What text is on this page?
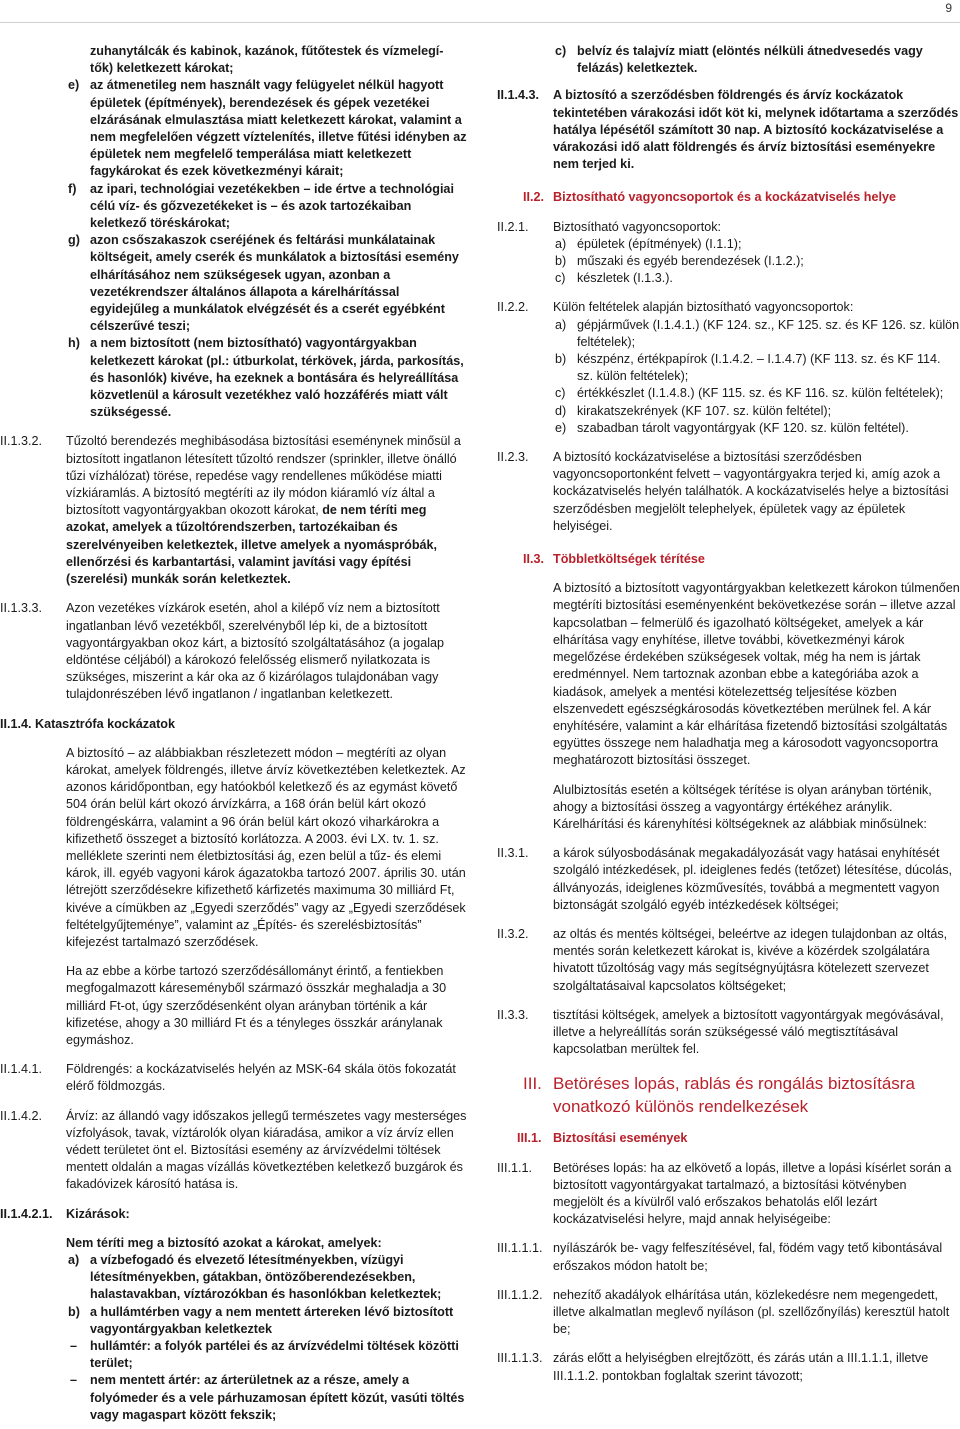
9

zuhanytálcák és kabinok, kazánok, fűtőtestek és vízmelegí-

tők) keletkezett károkat;

e) az átmenetileg nem használt vagy felügyelet nélkül hagyott épületek (építmények), berendezések és gépek vezetékei elzárásának elmulasztása miatt keletkezett károkat, valamint a nem megfelelően végzett víztelenítés, illetve fűtési idényben az épületek nem megfelelő temperálása miatt keletkezett fagykárokat és ezek következményi kárait;
f) az ipari, technológiai vezetékekben – ide értve a technológiai célú víz- és gőzvezetékeket is – és azok tartozékaiban keletkező töréskárokat;
g) azon csőszakaszok cseréjének és feltárási munkálatainak költségeit, amely cserék és munkálatok a biztosítási esemény elhárításához nem szükségesek ugyan, azonban a vezetékrendszer általános állapota a kárelhárítással egyidejűleg a munkálatok elvégzését és a cserét egyébként célszerűvé teszi;
h) a nem biztosított (nem biztosítható) vagyontárgyakban keletkezett károkat (pl.: útburkolat, térkövek, járda, parkosítás, és hasonlók) kivéve, ha ezeknek a bontására és helyreállítása közvetlenül a károsult vezetékhez való hozzáférés miatt vált szükségessé.
II.1.3.2. Tűzoltó berendezés meghibásodása biztosítási eseménynek minősül a biztosított ingatlanon létesített tűzoltó rendszer (sprinkler, illetve önálló tűzi vízhálózat) törése, repedése vagy rendellenes működése miatti vízkiáramlás. A biztosító megtéríti az ily módon kiáramló víz által a biztosított vagyontárgyakban okozott károkat, de nem téríti meg azokat, amelyek a tűzoltórendszerben, tartozékaiban és szerelvényeiben keletkeztek, illetve amelyek a nyomáspróbák, ellenőrzési és karbantartási, valamint javítási vagy építési (szerelési) munkák során keletkeztek.

II.1.3.3. Azon vezetékes vízkárok esetén, ahol a kilépő víz nem a biztosított ingatlanban lévő vezetékből, szerelvényből lép ki, de a biztosított vagyontárgyakban okoz kárt, a biztosító szolgáltatásához (a jogalap eldöntése céljából) a károkozó felelősség elismerő nyilatkozata is szükséges, miszerint a kár oka az ő kizárólagos tulajdonában vagy tulajdonrészében lévő ingatlanon / ingatlanban keletkezett.

II.1.4. Katasztrófa kockázatok

A biztosító – az alábbiakban részletezett módon – megtéríti az olyan károkat, amelyek földrengés, illetve árvíz következtében keletkeztek. Az azonos káridőpontban, egy hatóokból keletkező és az egymást követő 504 órán belül kárt okozó árvízkárra, a 168 órán belül kárt okozó földrengéskárra, valamint a 96 órán belül kárt okozó viharkárokra a kifizethető összeget a biztosító korlátozza. A 2003. évi LX. tv. 1. sz. melléklete szerinti nem életbiztosítási ág, ezen belül a tűz- és elemi károk, ill. egyéb vagyoni károk ágazatokba tartozó 2007. április 30. után létrejött szerződésekre kifizethető kárfizetés maximuma 30 milliárd Ft, kivéve a címükben az „Egyedi szerződés” vagy az „Egyedi szerződések feltételgyűjteménye”, valamint az „Építés- és szerelésbiztosítás” kifejezést tartalmazó szerződések.

Ha az ebbe a körbe tartozó szerződésállományt érintő, a fentiekben megfogalmazott káreseményből származó összkár meghaladja a 30 milliárd Ft-ot, úgy szerződésenként olyan arányban történik a kár kifizetése, ahogy a 30 milliárd Ft és a tényleges összkár aránylanak egymáshoz.

II.1.4.1. Földrengés: a kockázatviselés helyén az MSK-64 skála ötös fokozatát elérő földmozgás.

II.1.4.2. Árvíz: az állandó vagy időszakos jellegű természetes vagy mesterséges vízfolyások, tavak, víztárolók olyan kiáradása, amikor a víz árvíz ellen védett területet önt el. Biztosítási esemény az árvízvédelmi töltések mentett oldalán a magas vízállás következtében keletkező buzgárok és fakadóvizek károsító hatása is.

II.1.4.2.1. Kizárások:

Nem téríti meg a biztosító azokat a károkat, amelyek:

a) a vízbefogadó és elvezető létesítményekben, vízügyi létesítményekben, gátakban, öntözőberendezésekben, halastavakban, víztározókban és hasonlókban keletkeztek;
b) a hullámtérben vagy a nem mentett ártereken lévő biztosított vagyontárgyakban keletkeztek
– hullámtér: a folyók partélei és az árvízvédelmi töltések közötti terület;
– nem mentett ártér: az árterületnek az a része, amely a folyómeder és a vele párhuzamosan épített közút, vasúti töltés vagy magaspart között fekszik;
c) belvíz és talajvíz miatt (elöntés nélküli átnedvesedés vagy felázás) keletkeztek.
II.1.4.3. A biztosító a szerződésben földrengés és árvíz kockázatok tekintetében várakozási időt köt ki, melynek időtartama a szerződés hatálya lépésétől számított 30 nap. A biztosító kockázatviselése a várakozási idő alatt földrengés és árvíz biztosítási eseményekre nem terjed ki.

II.2. Biztosítható vagyoncsoportok és a kockázatviselés helye

II.2.1. Biztosítható vagyoncsoportok:

a) épületek (építmények) (I.1.1);
b) műszaki és egyéb berendezések (I.1.2.);
c) készletek (I.1.3.).
II.2.2. Külön feltételek alapján biztosítható vagyoncsoportok:

a) gépjárművek (I.1.4.1.) (KF 124. sz., KF 125. sz. és KF 126. sz. külön feltételek);
b) készpénz, értékpapírok (I.1.4.2. – I.1.4.7) (KF 113. sz. és KF 114. sz. külön feltételek);
c) értékkészlet (I.1.4.8.) (KF 115. sz. és KF 116. sz. külön feltételek);
d) kirakatszekrények (KF 107. sz. külön feltétel);
e) szabadban tárolt vagyontárgyak (KF 120. sz. külön feltétel).
II.2.3. A biztosító kockázatviselése a biztosítási szerződésben vagyoncsoportonként felvett – vagyontárgyakra terjed ki, amíg azok a kockázatviselés helyén találhatók. A kockázatviselés helye a biztosítási szerződésben megjelölt telephelyek, épületek vagy az épületek helyiségei.

II.3. Többletköltségek térítése

A biztosító a biztosított vagyontárgyakban keletkezett károkon túlmenően megtéríti biztosítási eseményenként bekövetkezése során – illetve azzal kapcsolatban – felmerülő és igazolható költségeket, amelyek a kár elhárítása vagy enyhítése, illetve további, következményi károk megelőzése érdekében szükségesek voltak, még ha nem is jártak eredménnyel. Nem tartoznak azonban ebbe a kategóriába azok a kiadások, amelyek a mentési kötelezettség teljesítése közben elszenvedett egészségkárosodás következtében merülnek fel. A kár enyhítésére, valamint a kár elhárítása fizetendő biztosítási szolgáltatás együttes összege nem haladhatja meg a károsodott vagyoncsoportra meghatározott biztosítási összeget.

Alulbiztosítás esetén a költségek térítése is olyan arányban történik, ahogy a biztosítási összeg a vagyontárgy értékéhez aránylik. Kárelhárítási és kárenyhítési költségeknek az alábbiak minősülnek:

II.3.1. a károk súlyosbodásának megakadályozását vagy hatásai enyhítését szolgáló intézkedések, pl. ideiglenes fedés (tetőzet) létesítése, dúcolás, állványozás, ideiglenes közművesítés, továbbá a megmentett vagyon biztonságát szolgáló egyéb intézkedések költségei;

II.3.2. az oltás és mentés költségei, beleértve az idegen tulajdonban az oltás, mentés során keletkezett károkat is, kivéve a közérdek szolgálatára hivatott tűzoltóság vagy más segítségnyújtásra kötelezett szervezet szolgáltatásaival kapcsolatos költségeket;

II.3.3. tisztítási költségek, amelyek a biztosított vagyontárgyak megóvásával, illetve a helyreállítás során szükségessé váló megtisztításával kapcsolatban merültek fel.

III. Betöréses lopás, rablás és rongálás biztosításra vonatkozó különös rendelkezések

III.1. Biztosítási események

III.1.1. Betöréses lopás: ha az elkövető a lopás, illetve a lopási kísérlet során a biztosított vagyontárgyakat tartalmazó, a biztosítási kötvényben megjelölt és a kívülről való erőszakos behatolás elől lezárt kockázatviselési helyre, majd annak helyiségeibe:

III.1.1.1. nyílászárók be- vagy felfeszítésével, fal, födém vagy tető kibontásával erőszakos módon hatolt be;

III.1.1.2. nehezítő akadályok elhárítása után, közlekedésre nem megengedett, illetve alkalmatlan meglevő nyíláson (pl. szellőzőnyílás) keresztül hatolt be;

III.1.1.3. zárás előtt a helyiségben elrejtőzött, és zárás után a III.1.1.1, illetve III.1.1.2. pontokban foglaltak szerint távozott;
